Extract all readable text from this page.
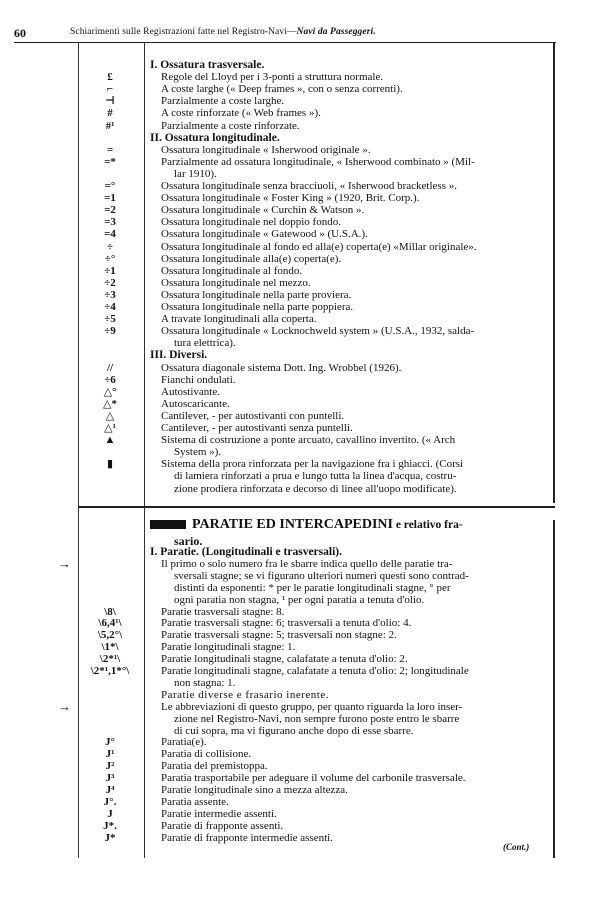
60	Schiarimenti sulle Registrazioni fatte nel Registro-Navi—Navi da Passeggeri.
I. Ossatura trasversale.
£	Regole del Lloyd per i 3-ponti a struttura normale.
⌐	A coste larghe (« Deep frames », con o senza correnti).
⊣	Parzialmente a coste larghe.
#	A coste rinforzate (« Web frames »).
#¹	Parzialmente a coste rinforzate.
II. Ossatura longitudinale.
=	Ossatura longitudinale « Isherwood originale ».
=*	Parzialmente ad ossatura longitudinale, « Isherwood combinato » (Mil-
lar 1910).
=°	Ossatura longitudinale senza bracciuoli, « Isherwood bracketless ».
=1	Ossatura longitudinale « Foster King » (1920, Brit. Corp.).
=2	Ossatura longitudinale « Curchin & Watson ».
=3	Ossatura longitudinale nel doppio fondo.
=4	Ossatura longitudinale « Gatewood » (U.S.A.).
÷	Ossatura longitudinale al fondo ed alla(e) coperta(e) «Millar originale».
÷°	Ossatura longitudinale alla(e) coperta(e).
÷1	Ossatura longitudinale al fondo.
÷2	Ossatura longitudinale nel mezzo.
÷3	Ossatura longitudinale nella parte proviera.
÷4	Ossatura longitudinale nella parte poppiera.
÷5	A travate longitudinali alla coperta.
÷9	Ossatura longitudinale « Locknochweld system » (U.S.A., 1932, salda-
tura elettrica).
III. Diversi.
//	Ossatura diagonale sistema Dott. Ing. Wrobbel (1926).
÷6	Fianchi ondulati.
△°	Autostivante.
△*	Autoscaricante.
△	Cantilever, - per autostivanti con puntelli.
△¹	Cantilever, - per autostivanti senza puntelli.
▲	Sistema di costruzione a ponte arcuato, cavallino invertito. (« Arch
System »).
▮	Sistema della prora rinforzata per la navigazione fra i ghiacci. (Corsi
di lamiera rinforzati a prua e lungo tutta la linea d'acqua, costru-
zione prodiera rinforzata e decorso di linee all'uopo modificate).
PARATIE ED INTERCAPEDINI e relativo fra-
sario.
I. Paratie. (Longitudinali e trasversali).
→	Il primo o solo numero fra le sbarre indica quello delle paratie tra-
sversali stagne; se vi figurano ulteriori numeri questi sono contrad-
distinti da esponenti: * per le paratie longitudinali stagne, ° per
ogni paratia non stagna, ¹ per ogni paratia a tenuta d'olio.
\8\	Paratie trasversali stagne: 8.
\6,4¹\	Paratie trasversali stagne: 6; trasversali a tenuta d'olio: 4.
\5,2°\	Paratie trasversali stagne: 5; trasversali non stagne: 2.
\1*\	Paratie longitudinali stagne: 1.
\2*¹\	Paratie longitudinali stagne, calafatate a tenuta d'olio: 2.
\2*¹,1*°\	Paratie longitudinali stagne, calafatate a tenuta d'olio: 2; longitudinale
non stagna: 1.
Paratie diverse e frasario inerente.
→	Le abbreviazioni di questo gruppo, per quanto riguarda la loro inser-
zione nel Registro-Navi, non sempre furono poste entro le sbarre
di cui sopra, ma vi figurano anche dopo di esse sbarre.
J°	Paratia(e).
J¹	Paratia di collisione.
J²	Paratia del premistoppa.
J³	Paratia trasportabile per adeguare il volume del carbonile trasversale.
J⁴	Paratie longitudinale sino a mezza altezza.
J°.	Paratia assente.
J	Paratie intermedie assenti.
J*.	Paratie di frapponte assenti.
J*	Paratie di frapponte intermedie assenti.
(Cont.)
